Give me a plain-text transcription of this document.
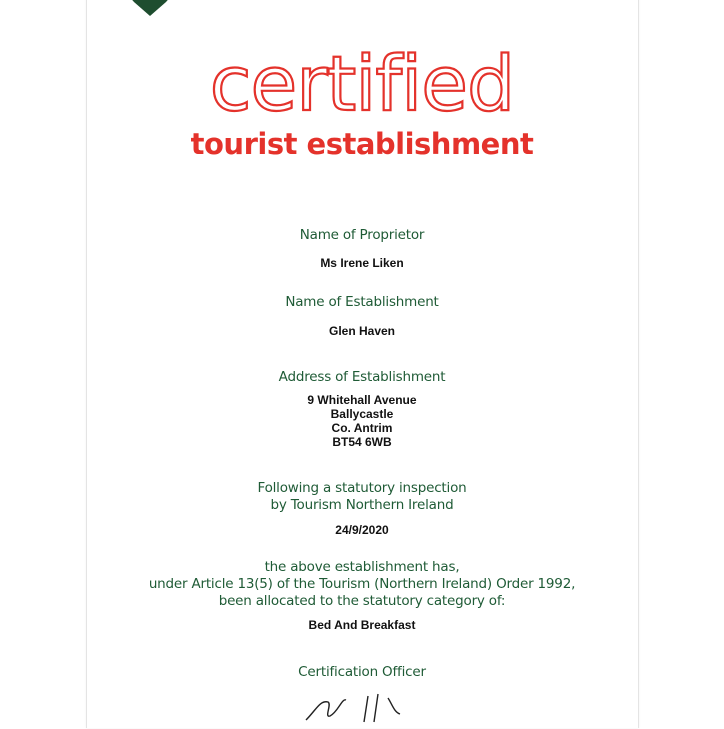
certified
tourist establishment
Name of Proprietor
Ms Irene Liken
Name of Establishment
Glen Haven
Address of Establishment
9 Whitehall Avenue
Ballycastle
Co. Antrim
BT54 6WB
Following a statutory inspection
by Tourism Northern Ireland
24/9/2020
the above establishment has,
under Article 13(5) of the Tourism (Northern Ireland) Order 1992,
been allocated to the statutory category of:
Bed And Breakfast
Certification Officer
